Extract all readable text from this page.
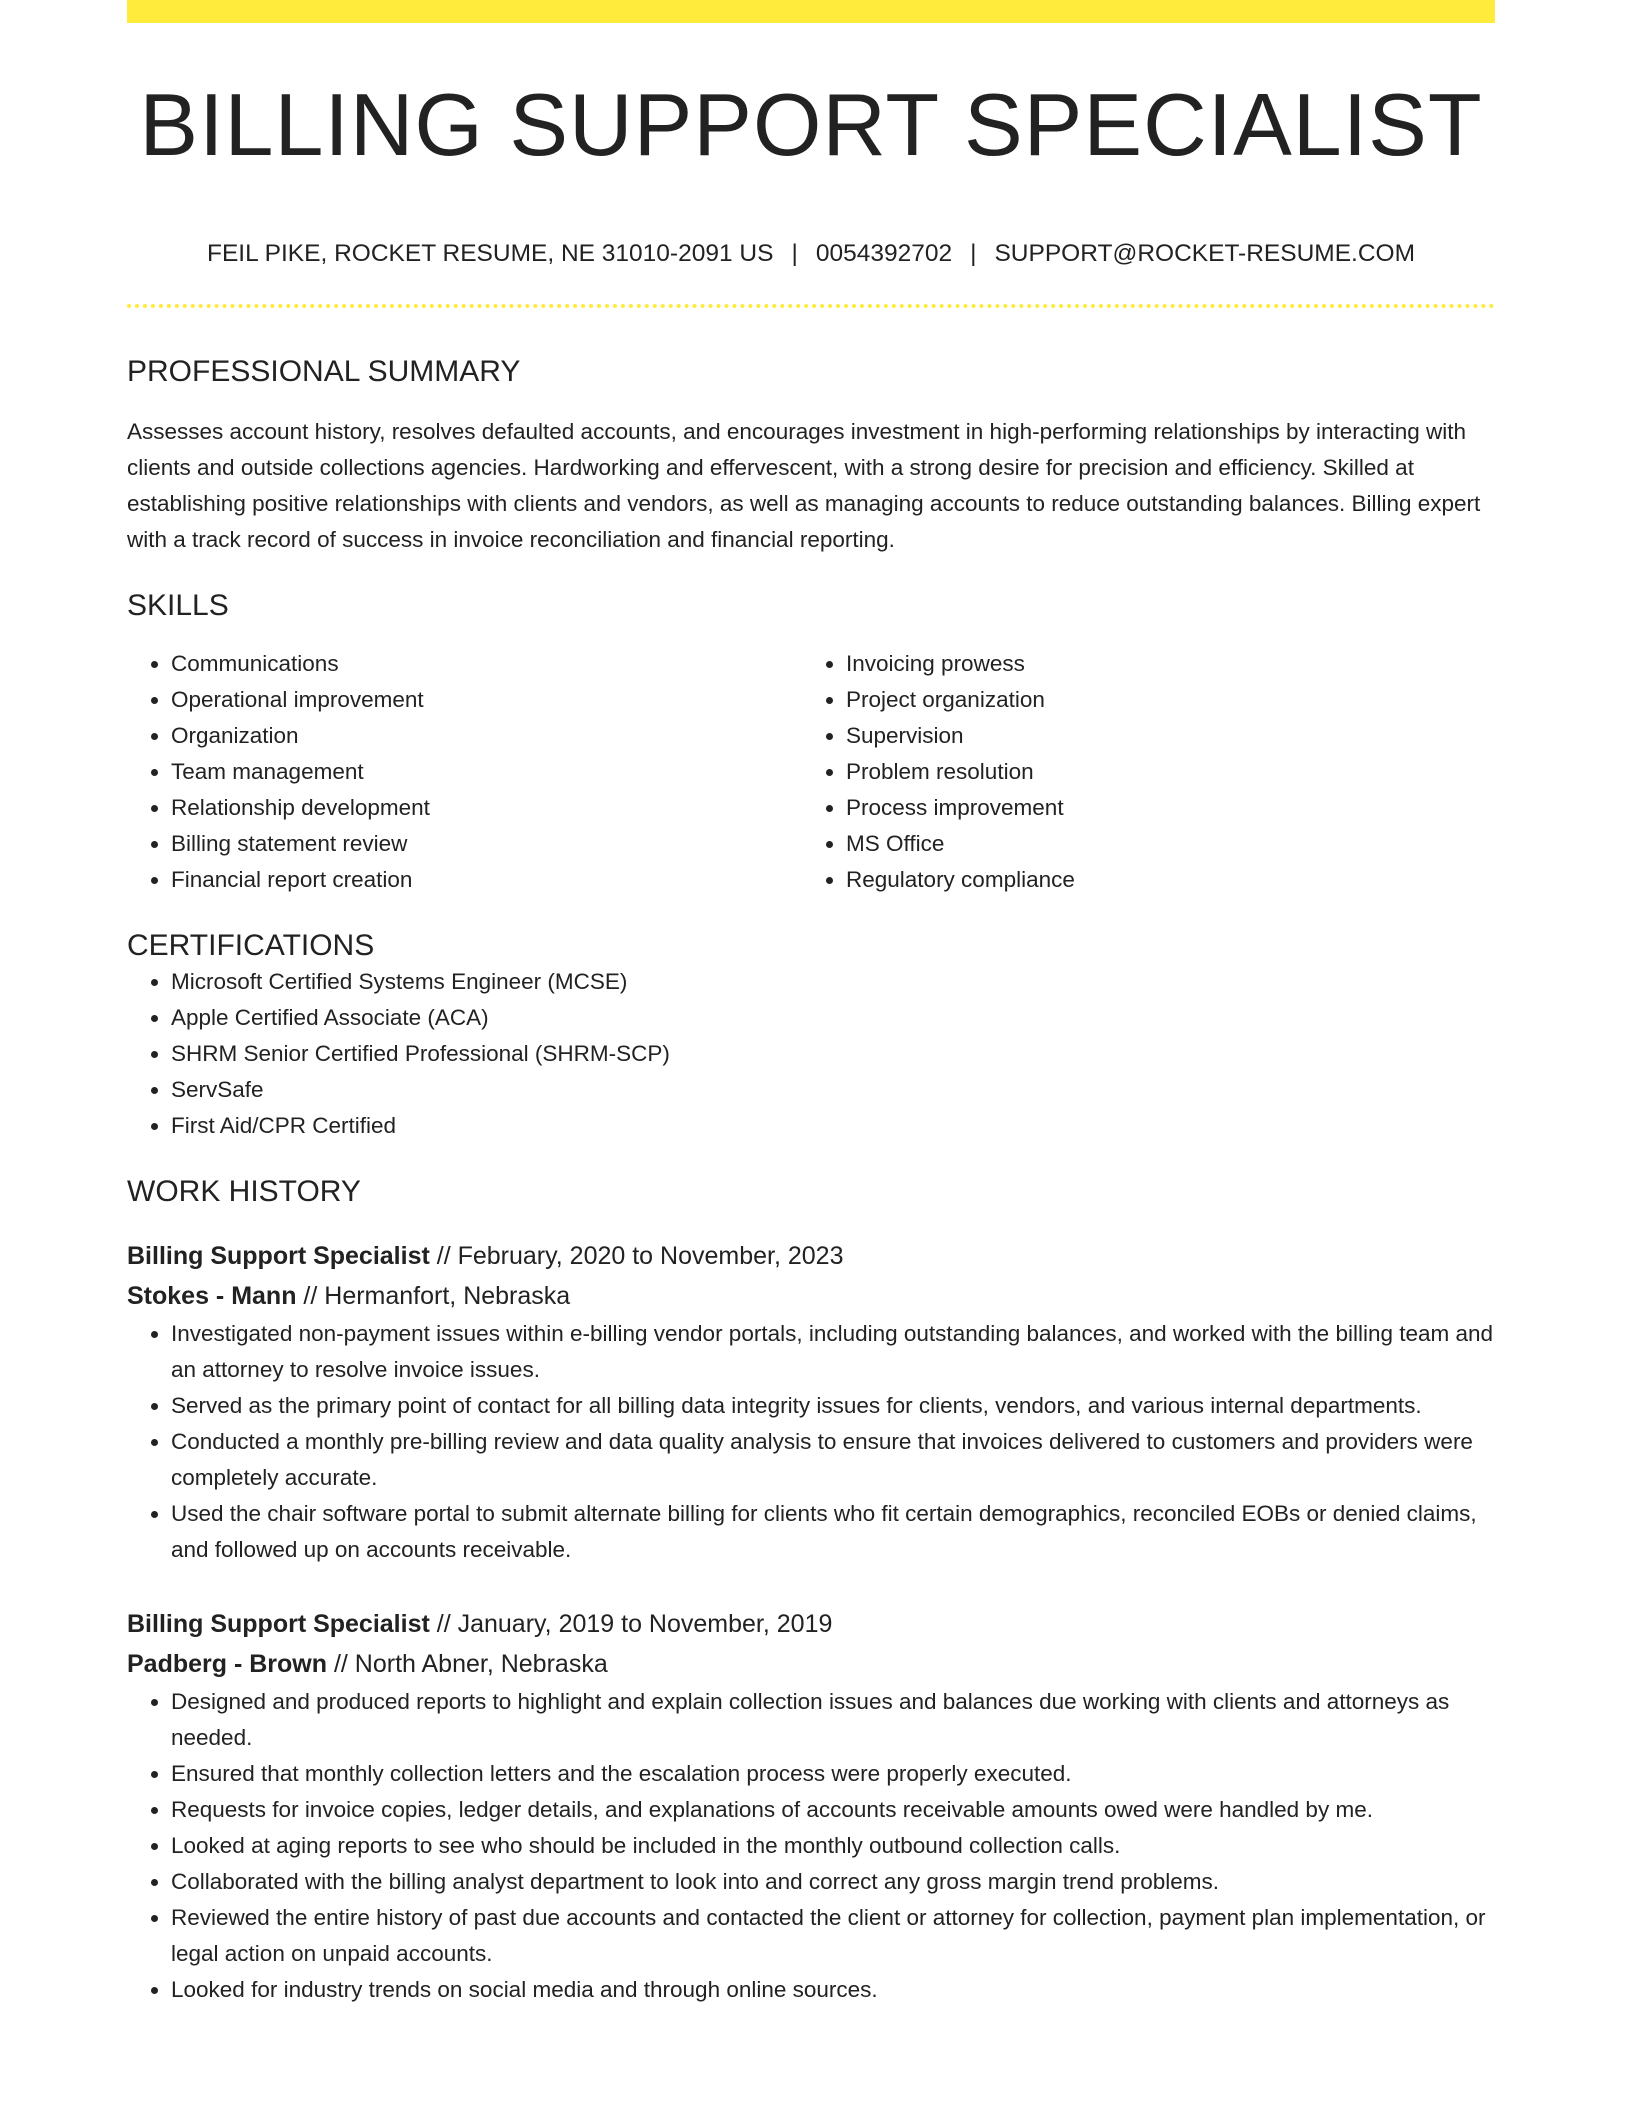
BILLING SUPPORT SPECIALIST
FEIL PIKE, ROCKET RESUME, NE 31010-2091 US | 0054392702 | SUPPORT@ROCKET-RESUME.COM
PROFESSIONAL SUMMARY

Assesses account history, resolves defaulted accounts, and encourages investment in high-performing relationships by interacting with clients and outside collections agencies. Hardworking and effervescent, with a strong desire for precision and efficiency. Skilled at establishing positive relationships with clients and vendors, as well as managing accounts to reduce outstanding balances. Billing expert with a track record of success in invoice reconciliation and financial reporting.

SKILLS
• Communications
• Operational improvement
• Organization
• Team management
• Relationship development
• Billing statement review
• Financial report creation
• Invoicing prowess
• Project organization
• Supervision
• Problem resolution
• Process improvement
• MS Office
• Regulatory compliance
CERTIFICATIONS
• Microsoft Certified Systems Engineer (MCSE)
• Apple Certified Associate (ACA)
• SHRM Senior Certified Professional (SHRM-SCP)
• ServSafe
• First Aid/CPR Certified
WORK HISTORY
Billing Support Specialist // February, 2020 to November, 2023
Stokes - Mann // Hermanfort, Nebraska
• Investigated non-payment issues within e-billing vendor portals, including outstanding balances, and worked with the billing team and an attorney to resolve invoice issues.
• Served as the primary point of contact for all billing data integrity issues for clients, vendors, and various internal departments.
• Conducted a monthly pre-billing review and data quality analysis to ensure that invoices delivered to customers and providers were completely accurate.
• Used the chair software portal to submit alternate billing for clients who fit certain demographics, reconciled EOBs or denied claims, and followed up on accounts receivable.
Billing Support Specialist // January, 2019 to November, 2019
Padberg - Brown // North Abner, Nebraska
• Designed and produced reports to highlight and explain collection issues and balances due working with clients and attorneys as needed.
• Ensured that monthly collection letters and the escalation process were properly executed.
• Requests for invoice copies, ledger details, and explanations of accounts receivable amounts owed were handled by me.
• Looked at aging reports to see who should be included in the monthly outbound collection calls.
• Collaborated with the billing analyst department to look into and correct any gross margin trend problems.
• Reviewed the entire history of past due accounts and contacted the client or attorney for collection, payment plan implementation, or legal action on unpaid accounts.
• Looked for industry trends on social media and through online sources.
